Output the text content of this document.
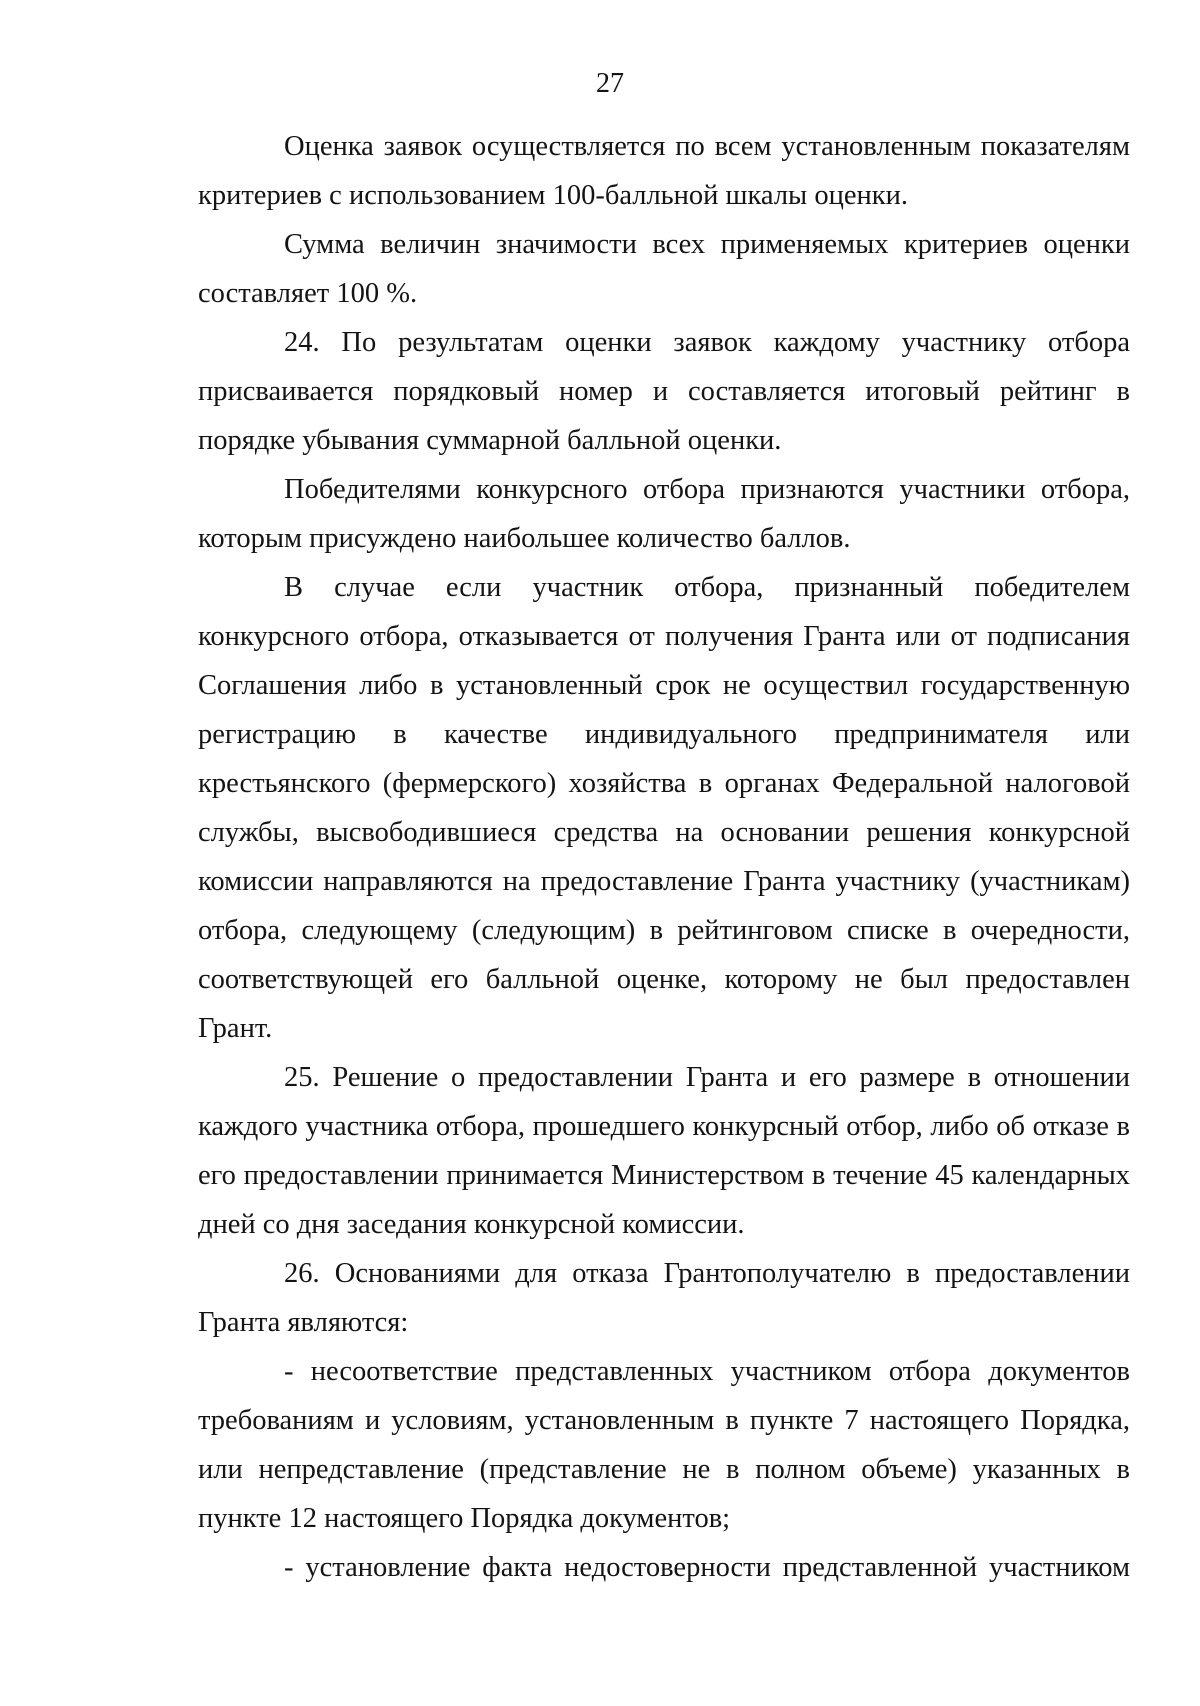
27

Оценка заявок осуществляется по всем установленным показателям критериев с использованием 100-балльной шкалы оценки.

Сумма величин значимости всех применяемых критериев оценки составляет 100 %.

24. По результатам оценки заявок каждому участнику отбора присваивается порядковый номер и составляется итоговый рейтинг в порядке убывания суммарной балльной оценки.

Победителями конкурсного отбора признаются участники отбора, которым присуждено наибольшее количество баллов.

В случае если участник отбора, признанный победителем конкурсного отбора, отказывается от получения Гранта или от подписания Соглашения либо в установленный срок не осуществил государственную регистрацию в качестве индивидуального предпринимателя или крестьянского (фермерского) хозяйства в органах Федеральной налоговой службы, высвободившиеся средства на основании решения конкурсной комиссии направляются на предоставление Гранта участнику (участникам) отбора, следующему (следующим) в рейтинговом списке в очередности, соответствующей его балльной оценке, которому не был предоставлен Грант.

25. Решение о предоставлении Гранта и его размере в отношении каждого участника отбора, прошедшего конкурсный отбор, либо об отказе в его предоставлении принимается Министерством в течение 45 календарных дней со дня заседания конкурсной комиссии.

26. Основаниями для отказа Грантополучателю в предоставлении Гранта являются:

- несоответствие представленных участником отбора документов требованиям и условиям, установленным в пункте 7 настоящего Порядка, или непредставление (представление не в полном объеме) указанных в пункте 12 настоящего Порядка документов;

- установление факта недостоверности представленной участником
